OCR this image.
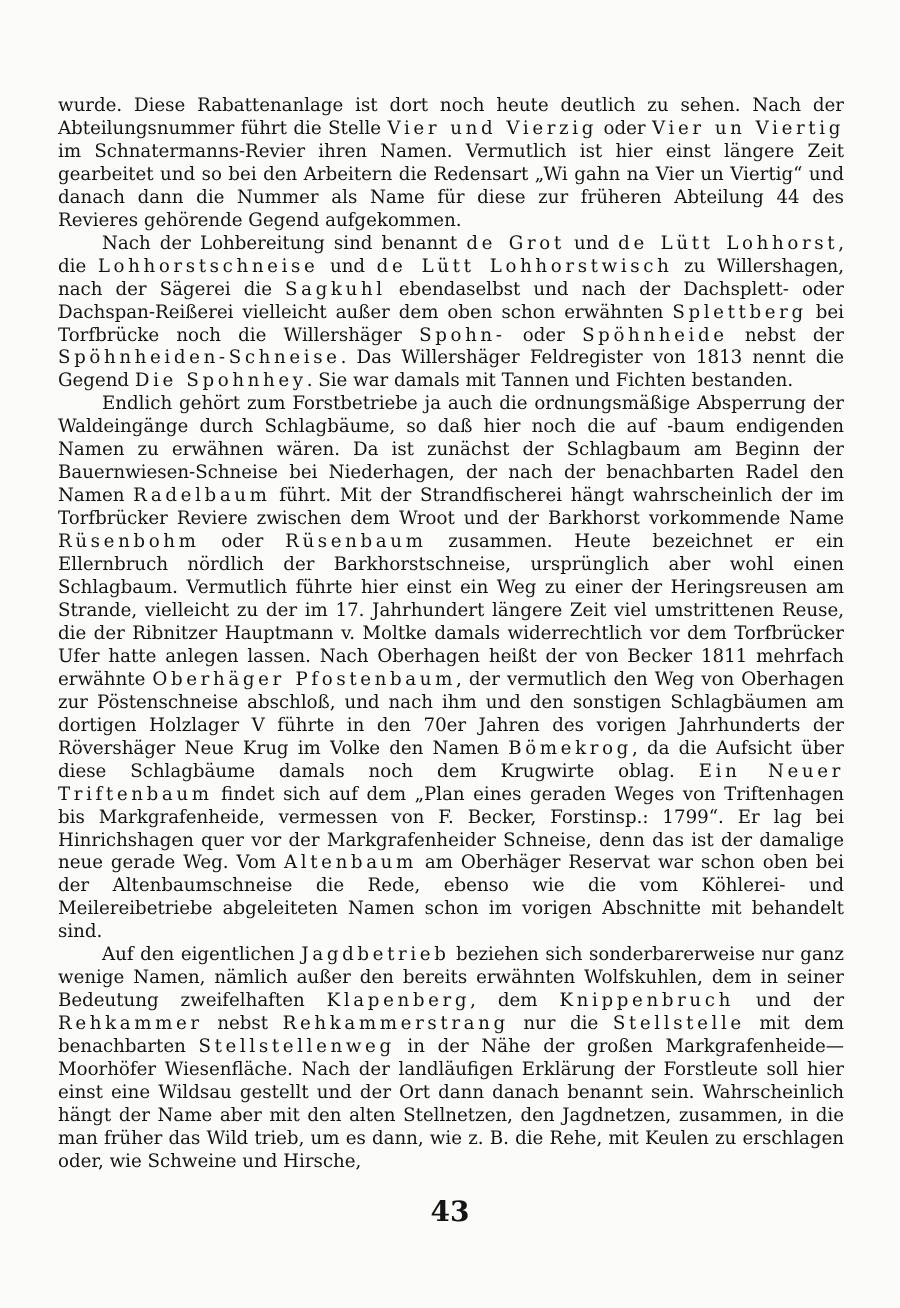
wurde. Diese Rabattenanlage ist dort noch heute deutlich zu sehen. Nach der Abteilungsnummer führt die Stelle Vier und Vierzig oder Vier un Viertig im Schnatermanns-Revier ihren Namen. Vermutlich ist hier einst längere Zeit gearbeitet und so bei den Arbeitern die Redensart „Wi gahn na Vier un Viertig“ und danach dann die Nummer als Name für diese zur früheren Abteilung 44 des Revieres gehörende Gegend aufgekommen.

Nach der Lohbereitung sind benannt de Grot und de Lütt Lohhorst, die Lohhorstschneise und de Lütt Lohhorstwisch zu Willershagen, nach der Sägerei die Sagkuhl ebendaselbst und nach der Dachsplett- oder Dachspan-Reißerei vielleicht außer dem oben schon erwähnten Splettberg bei Torfbrücke noch die Willershäger Spohn- oder Spöhnheide nebst der Spöhnheiden-Schneise. Das Willershäger Feldregister von 1813 nennt die Gegend Die Spohnhey. Sie war damals mit Tannen und Fichten bestanden.

Endlich gehört zum Forstbetriebe ja auch die ordnungsmäßige Absperrung der Waldeingänge durch Schlagbäume, so daß hier noch die auf -baum endigenden Namen zu erwähnen wären. Da ist zunächst der Schlagbaum am Beginn der Bauernwiesen-Schneise bei Niederhagen, der nach der benachbarten Radel den Namen Radelbaum führt. Mit der Strandfischerei hängt wahrscheinlich der im Torfbrücker Reviere zwischen dem Wroot und der Barkhorst vorkommende Name Rüsenbohm oder Rüsenbaum zusammen. Heute bezeichnet er ein Ellernbruch nördlich der Barkhorstschneise, ursprünglich aber wohl einen Schlagbaum. Vermutlich führte hier einst ein Weg zu einer der Heringsreusen am Strande, vielleicht zu der im 17. Jahrhundert längere Zeit viel umstrittenen Reuse, die der Ribnitzer Hauptmann v. Moltke damals widerrechtlich vor dem Torfbrücker Ufer hatte anlegen lassen. Nach Oberhagen heißt der von Becker 1811 mehrfach erwähnte Oberhäger Pfostenbaum, der vermutlich den Weg von Oberhagen zur Pöstenschneise abschloß, und nach ihm und den sonstigen Schlagbäumen am dortigen Holzlager V führte in den 70er Jahren des vorigen Jahrhunderts der Rövershäger Neue Krug im Volke den Namen Bömekrog, da die Aufsicht über diese Schlagbäume damals noch dem Krugwirte oblag. Ein Neuer Triftenbaum findet sich auf dem „Plan eines geraden Weges von Triftenhagen bis Markgrafenheide, vermessen von F. Becker, Forstinsp.: 1799“. Er lag bei Hinrichshagen quer vor der Markgrafenheider Schneise, denn das ist der damalige neue gerade Weg. Vom Altenbaum am Oberhäger Reservat war schon oben bei der Altenbaumschneise die Rede, ebenso wie die vom Köhlerei- und Meilereibetriebe abgeleiteten Namen schon im vorigen Abschnitte mit behandelt sind.

Auf den eigentlichen Jagdbetrieb beziehen sich sonderbarerweise nur ganz wenige Namen, nämlich außer den bereits erwähnten Wolfskuhlen, dem in seiner Bedeutung zweifelhaften Klapenberg, dem Knippenbruch und der Rehkammer nebst Rehkammerstrang nur die Stellstelle mit dem benachbarten Stellstellenweg in der Nähe der großen Markgrafenheide—Moorhöfer Wiesenfläche. Nach der landläufigen Erklärung der Forstleute soll hier einst eine Wildsau gestellt und der Ort dann danach benannt sein. Wahrscheinlich hängt der Name aber mit den alten Stellnetzen, den Jagdnetzen, zusammen, in die man früher das Wild trieb, um es dann, wie z. B. die Rehe, mit Keulen zu erschlagen oder, wie Schweine und Hirsche,

43
